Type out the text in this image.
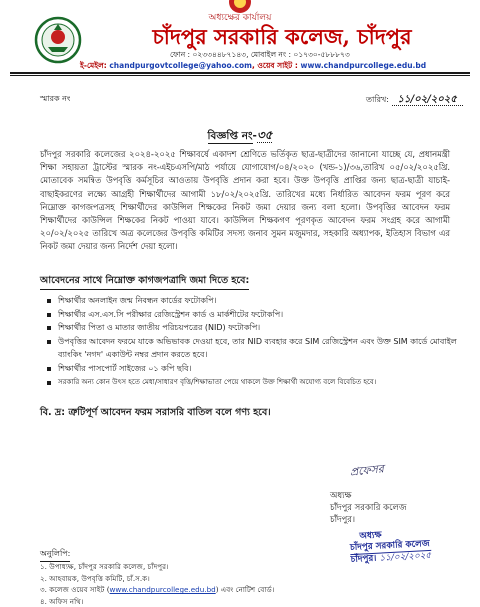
অধ্যক্ষের কার্যালয়
চাঁদপুর সরকারি কলেজ, চাঁদপুর
ফোন : ০২৩৩৪৪৮৭১৪৩, মোবাইল নং : ০১৭৩০-৫৮৮৮৭৩
ই-মেইল: chandpurgovtcollege@yahoo.com, ওয়েব সাইট : www.chandpurcollege.edu.bd
স্মারক নং	তারিখ: ১১/০২/২০২৫
বিজ্ঞপ্তি নং-৩৫
চাঁদপুর সরকারি কলেজের ২০২৪-২০২৫ শিক্ষাবর্ষে একাদশ শ্রেণিতে ভর্তিকৃত ছাত্র-ছাত্রীদের জানানো যাচ্ছে যে, প্রধানমন্ত্রী শিক্ষা সহায়তা ট্রাস্টের স্মারক নং-এইচএসপি/মাঠ পর্যায়ে যোগাযোগ/০৪/২০২০ (খন্ড-১)/৩৬,তারিখ ০৫/০২/২০২৫খ্রি. মোতাবেক সমন্বিত উপবৃত্তি কর্মসূচির আওতায় উপবৃত্তি প্রদান করা হবে। উক্ত উপবৃত্তি প্রাপ্তির জন্য ছাত্র-ছাত্রী যাচাই-বাছাইকরণের লক্ষ্যে আগ্রহী শিক্ষার্থীদের আগামী ১৮/০২/২০২৫খ্রি. তারিখের মধ্যে নির্ধারিত আবেদন ফরম পূরণ করে নিম্নোক্ত কাগজপত্রসহ শিক্ষার্থীদের কাউন্সিল শিক্ষকের নিকট জমা দেয়ার জন্য বলা হলো। উপবৃত্তির আবেদন ফরম শিক্ষার্থীদের কাউন্সিল শিক্ষকের নিকট পাওয়া যাবে। কাউন্সিল শিক্ষকগণ পূরণকৃত আবেদন ফরম সংগ্রহ করে আগামী ২০/০২/২০২৫ তারিখে অত্র কলেজের উপবৃত্তি কমিটির সদস্য জনাব সুমন মজুমদার, সহকারি অধ্যাপক, ইতিহাস বিভাগ এর নিকট জমা দেয়ার জন্য নির্দেশ দেয়া হলো।
আবেদনের সাথে নিম্নোক্ত কাগজপত্রাদি জমা দিতে হবে:
শিক্ষার্থীর অনলাইন জন্ম নিবন্ধন কার্ডের ফটোকপি।
শিক্ষার্থীর এস.এস.সি পরীক্ষার রেজিস্ট্রেশন কার্ড ও মার্কশীটের ফটোকপি।
শিক্ষার্থীর পিতা ও মাতার জাতীয় পরিচয়পত্রের (NID) ফটোকপি।
উপবৃত্তির আবেদন ফরমে যাকে অভিভাবক দেওয়া হবে, তার NID ব্যবহার করে SIM রেজিস্ট্রেশন এবং উক্ত SIM কার্ডে মোবাইল ব্যাংকিং 'নগদ' একাউন্ট নম্বর প্রদান করতে হবে।
শিক্ষার্থীর পাসপোর্ট সাইজের ০১ কপি ছবি।
সরকারি অন্য কোন উৎস হতে মেধা/সাধারণ বৃত্তি/শিক্ষাভাতা পেয়ে থাকলে উক্ত শিক্ষার্থী অযোগ্য বলে বিবেচিত হবে।
বি. দ্র: ত্রুটিপূর্ণ আবেদন ফরম সরাসরি বাতিল বলে গণ্য হবে।
প্রফেসর
অধ্যক্ষ
চাঁদপুর সরকারি কলেজ
চাঁদপুর।
অধ্যক্ষ
চাঁদপুর সরকারি কলেজ
চাঁদপুর। ১১/০২/২০২৫
অনুলিপি:
১. উপাধ্যক্ষ, চাঁদপুর সরকারি কলেজ, চাঁদপুর।
২. আহবায়ক, উপবৃত্তি কমিটি, চাঁ.স.ক।
৩. কলেজ ওয়েব সাইট (www.chandpurcollege.edu.bd) এবং নোটিশ বোর্ড।
৪. অফিস নথি।
